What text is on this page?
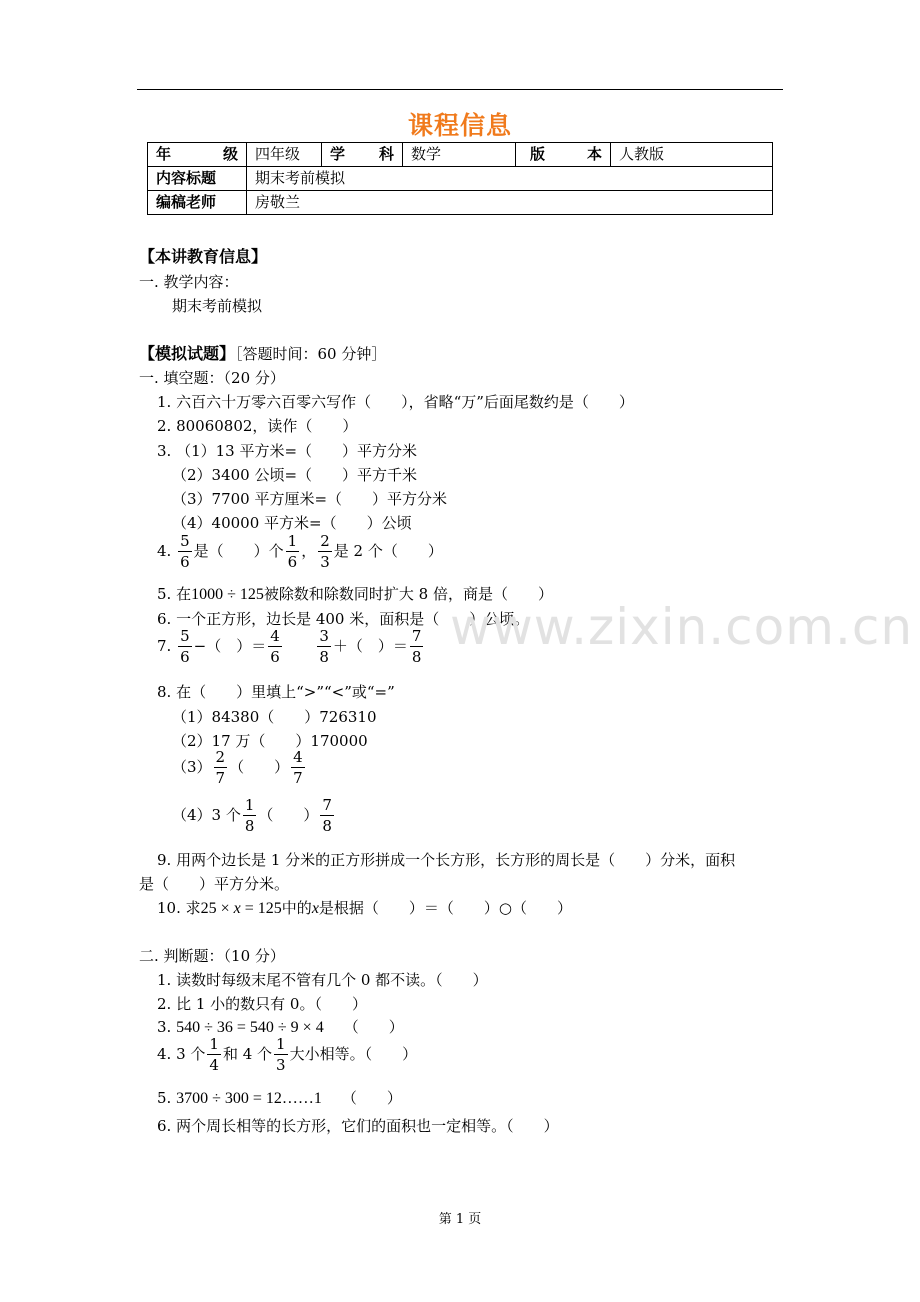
课程信息
年 级	四年级	学 科	数学	版 本	人教版
内容标题	期末考前模拟				
编稿老师	房敬兰				
【本讲教育信息】
一. 教学内容：
期末考前模拟
【模拟试题】［答题时间：60 分钟］
一. 填空题：（20 分）
1. 六百六十万零六百零六写作（　　），省略“万”后面尾数约是（　　）
2. 80060802，读作（　　）
3. （1）13 平方米=（　　）平方分米
（2）3400 公顷=（　　）平方千米
（3）7700 平方厘米=（　　）平方分米
（4）40000 平方米=（　　）公顷
4. $\frac{5}{6}$ 是（　　）个 $\frac{1}{6}$ ， $\frac{2}{3}$ 是 2 个（　　）
5. 在1000 ÷ 125被除数和除数同时扩大 8 倍，商是（　　）
6. 一个正方形，边长是 400 米，面积是（　　）公顷。
7. $\frac{5}{6}$ −（　）＝ $\frac{4}{6}$
$\frac{3}{8}$ ＋（　）＝ $\frac{7}{8}$
8. 在（　　）里填上“>”“<”或“=”
（1）84380（　　）726310
（2）17 万（　　）170000
$(3) \frac{2}{7}$ （　　） $\frac{4}{7}$
（4）3 个 $\frac{1}{8}$ （　　） $\frac{7}{8}$
9. 用两个边长是 1 分米的正方形拼成一个长方形，长方形的周长是（　　）分米，面积
是（　　）平方分米。
10. 求25 × x = 125中的x是根据（　　）＝（　　）○（　　）
二. 判断题：（10 分）
1. 读数时每级末尾不管有几个 0 都不读。（　　）
2. 比 1 小的数只有 0。（　　）
3. 540 ÷ 36 = 540 ÷ 9 × 4 （　　）
4. 3 个 $\frac{1}{4}$ 和 4 个 $\frac{1}{3}$ 大小相等。（　　）
5. 3700 ÷ 300 = 12……1 （　　）
6. 两个周长相等的长方形，它们的面积也一定相等。（　　）
www.zixin.com.cn
第 1 页
